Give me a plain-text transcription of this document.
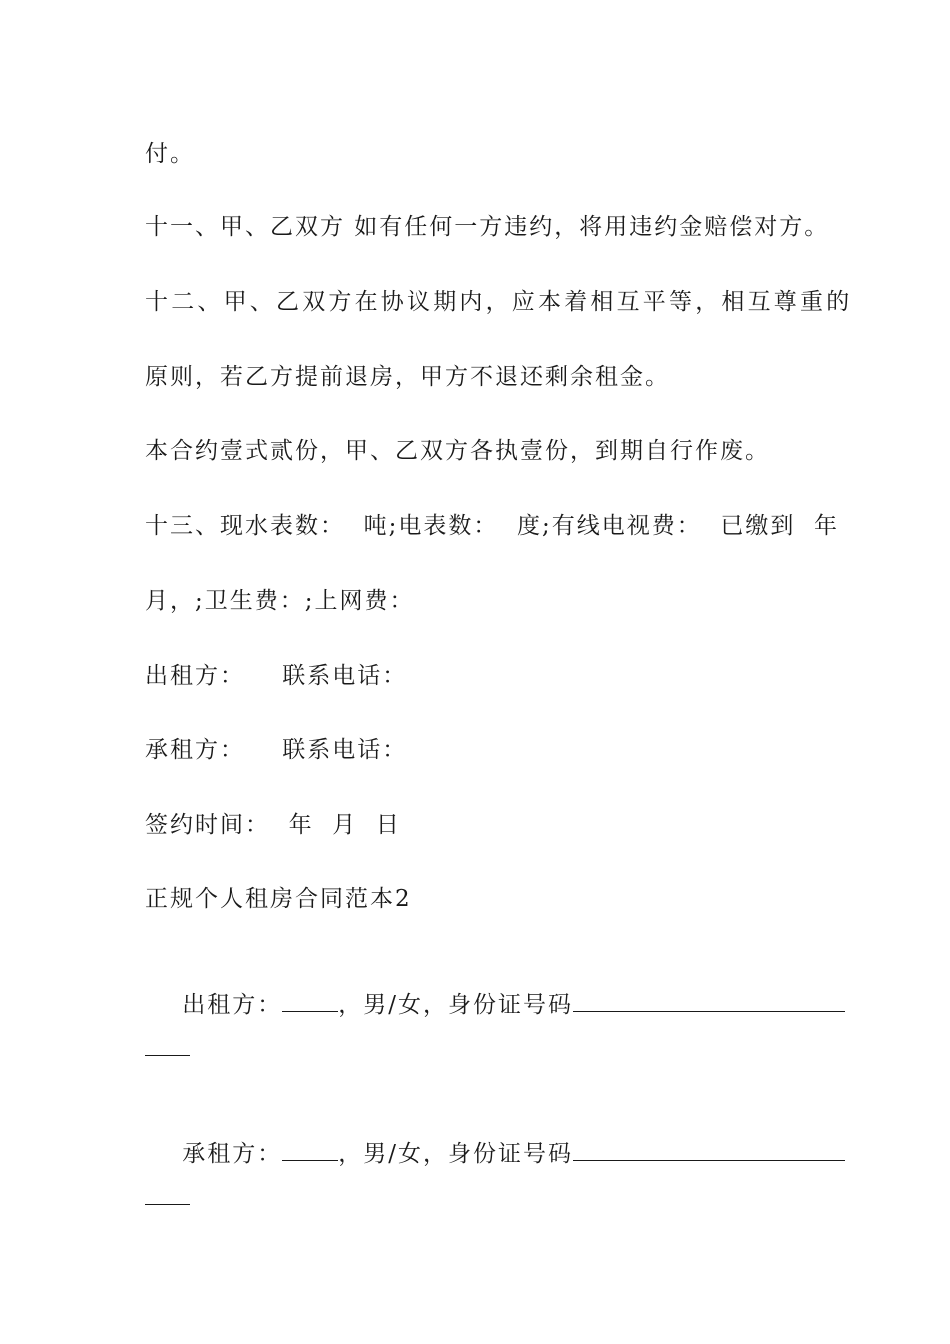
付。
十一、甲、乙双方 如有任何一方违约，将用违约金赔偿对方。
十二、甲、乙双方在协议期内，应本着相互平等，相互尊重的
原则，若乙方提前退房，甲方不退还剩余租金。
本合约壹式贰份，甲、乙双方各执壹份，到期自行作废。
十三、现水表数：  吨;电表数：  度;有线电视费：  已缴到  年
月，;卫生费：;上网费：
出租方：    联系电话：
承租方：    联系电话：
签约时间：  年  月  日
正规个人租房合同范本2

出租方： ，男/女，身份证号码

承租方： ，男/女，身份证号码
